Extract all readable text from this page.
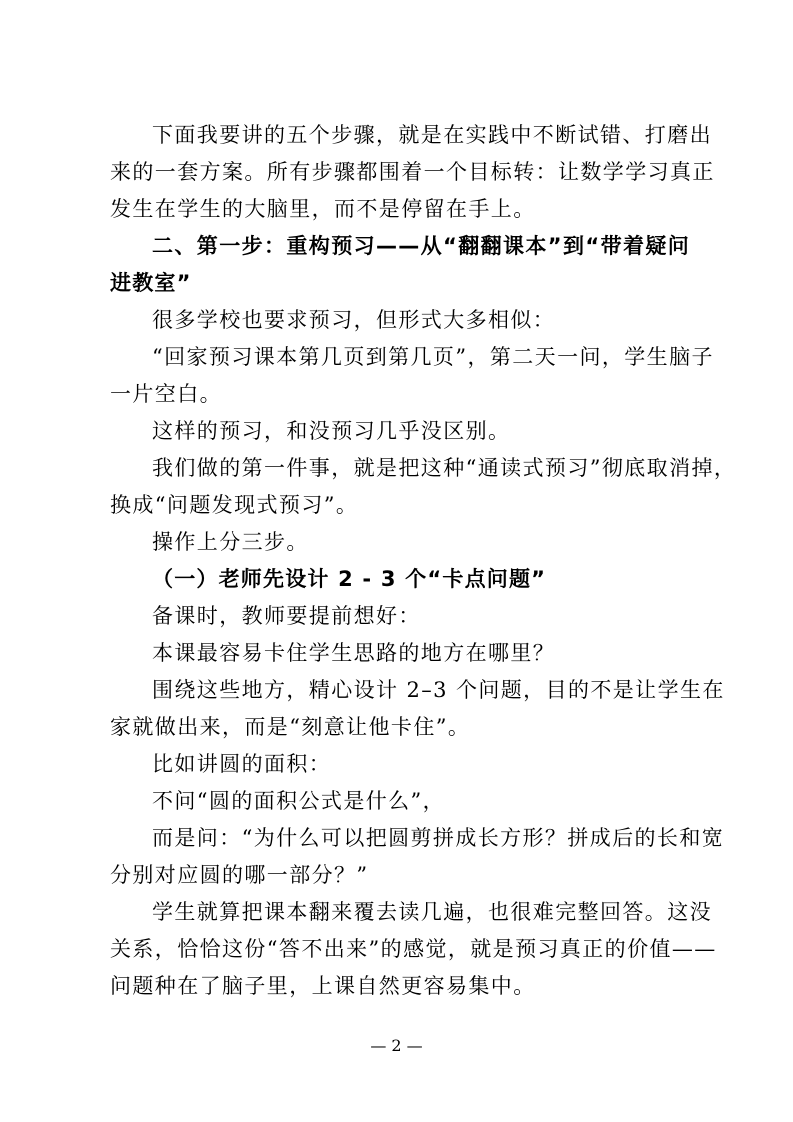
下面我要讲的五个步骤，就是在实践中不断试错、打磨出
来的一套方案。所有步骤都围着一个目标转：让数学学习真正
发生在学生的大脑里，而不是停留在手上。
二、第一步：重构预习——从“翻翻课本”到“带着疑问
进教室”
很多学校也要求预习，但形式大多相似：
“回家预习课本第几页到第几页”，第二天一问，学生脑子
一片空白。
这样的预习，和没预习几乎没区别。
我们做的第一件事，就是把这种“通读式预习”彻底取消掉，
换成“问题发现式预习”。
操作上分三步。
（一）老师先设计 2 - 3 个“卡点问题”
备课时，教师要提前想好：
本课最容易卡住学生思路的地方在哪里？
围绕这些地方，精心设计 2–3 个问题，目的不是让学生在
家就做出来，而是“刻意让他卡住”。
比如讲圆的面积：
不问“圆的面积公式是什么”，
而是问：“为什么可以把圆剪拼成长方形？拼成后的长和宽
分别对应圆的哪一部分？”
学生就算把课本翻来覆去读几遍，也很难完整回答。这没
关系，恰恰这份“答不出来”的感觉，就是预习真正的价值——
问题种在了脑子里，上课自然更容易集中。
— 2 —
